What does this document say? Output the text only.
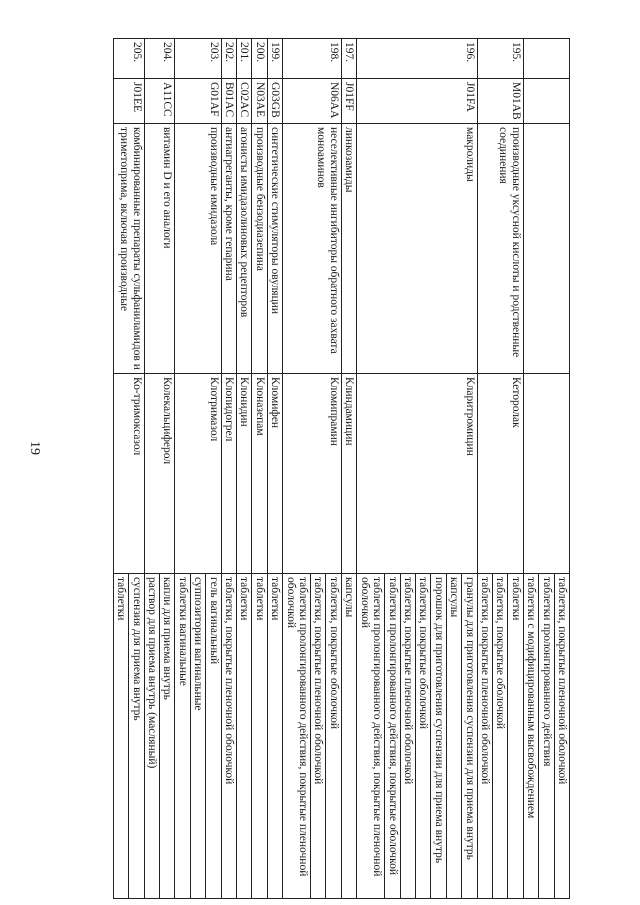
19
				таблетки, покрытые пленочной оболочкой
				таблетки пролонгированного действия
				таблетки с модифицированным высвобождением
195.	M01AB	производные уксусной кислоты и родственные соединения	Кеторолак	таблетки
				таблетки, покрытые оболочкой
				таблетки, покрытые пленочной оболочкой
196.	J01FA	макролиды	Кларитромицин	гранулы для приготовления суспензии для приема внутрь
				капсулы
				порошок для приготовления суспензии для приема внутрь
				таблетки, покрытые оболочкой
				таблетки, покрытые пленочной оболочкой
				таблетки пролонгированного действия, покрытые оболочкой
				таблетки пролонгированного действия, покрытые пленочной оболочкой
197.	J01FF	линкозамиды	Клиндамицин	капсулы
198.	N06AA	неселективные ингибиторы обратного захвата моноаминов	Кломипрамин	таблетки, покрытые оболочкой
				таблетки, покрытые пленочной оболочкой
				таблетки пролонгированного действия, покрытые пленочной оболочкой
199.	G03GB	синтетические стимуляторы овуляции	Кломифен	таблетки
200.	N03AE	производные бензодиазепина	Клоназепам	таблетки
201.	C02AC	агонисты имидазолиновых рецепторов	Клонидин	таблетки
202.	B01AC	антиагреганты, кроме гепарина	Клопидогрел	таблетки, покрытые пленочной оболочкой
203.	G01AF	производные имидазола	Клотримазол	гель вагинальный
				суппозитории вагинальные
				таблетки вагинальные
204.	A11CC	витамин D и его аналоги	Колекальциферол	капли для приема внутрь
				раствор для приема внутрь (масляный)
205.	J01EE	комбинированные препараты сульфаниламидов и триметоприма, включая производные	Ко-тримоксазол	суспензия для приема внутрь
				таблетки
